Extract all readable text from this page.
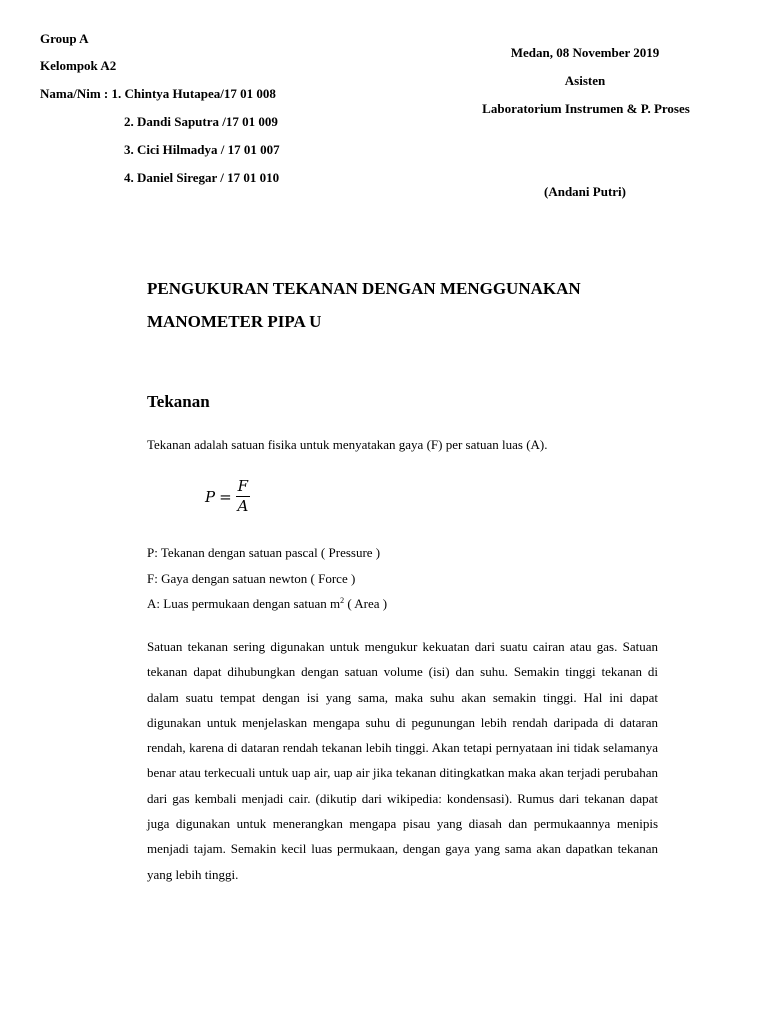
Group A
Kelompok A2
Nama/Nim : 1. Chintya Hutapea/17 01 008
2. Dandi Saputra /17 01 009
3. Cici Hilmadya / 17 01 007
4. Daniel Siregar / 17 01 010
Medan, 08 November 2019
Asisten
Laboratorium Instrumen & P. Proses
(Andani Putri)
PENGUKURAN TEKANAN DENGAN MENGGUNAKAN
MANOMETER PIPA U
Tekanan
Tekanan adalah satuan fisika untuk menyatakan gaya (F) per satuan luas (A).
$P = \frac{F}{A}$
P: Tekanan dengan satuan pascal ( Pressure )
F: Gaya dengan satuan newton ( Force )
A: Luas permukaan dengan satuan $m^2$ ( Area )
Satuan tekanan sering digunakan untuk mengukur kekuatan dari suatu cairan atau gas. Satuan tekanan dapat dihubungkan dengan satuan volume (isi) dan suhu. Semakin tinggi tekanan di dalam suatu tempat dengan isi yang sama, maka suhu akan semakin tinggi. Hal ini dapat digunakan untuk menjelaskan mengapa suhu di pegunungan lebih rendah daripada di dataran rendah, karena di dataran rendah tekanan lebih tinggi. Akan tetapi pernyataan ini tidak selamanya benar atau terkecuali untuk uap air, uap air jika tekanan ditingkatkan maka akan terjadi perubahan dari gas kembali menjadi cair. (dikutip dari wikipedia: kondensasi). Rumus dari tekanan dapat juga digunakan untuk menerangkan mengapa pisau yang diasah dan permukaannya menipis menjadi tajam. Semakin kecil luas permukaan, dengan gaya yang sama akan dapatkan tekanan yang lebih tinggi.
